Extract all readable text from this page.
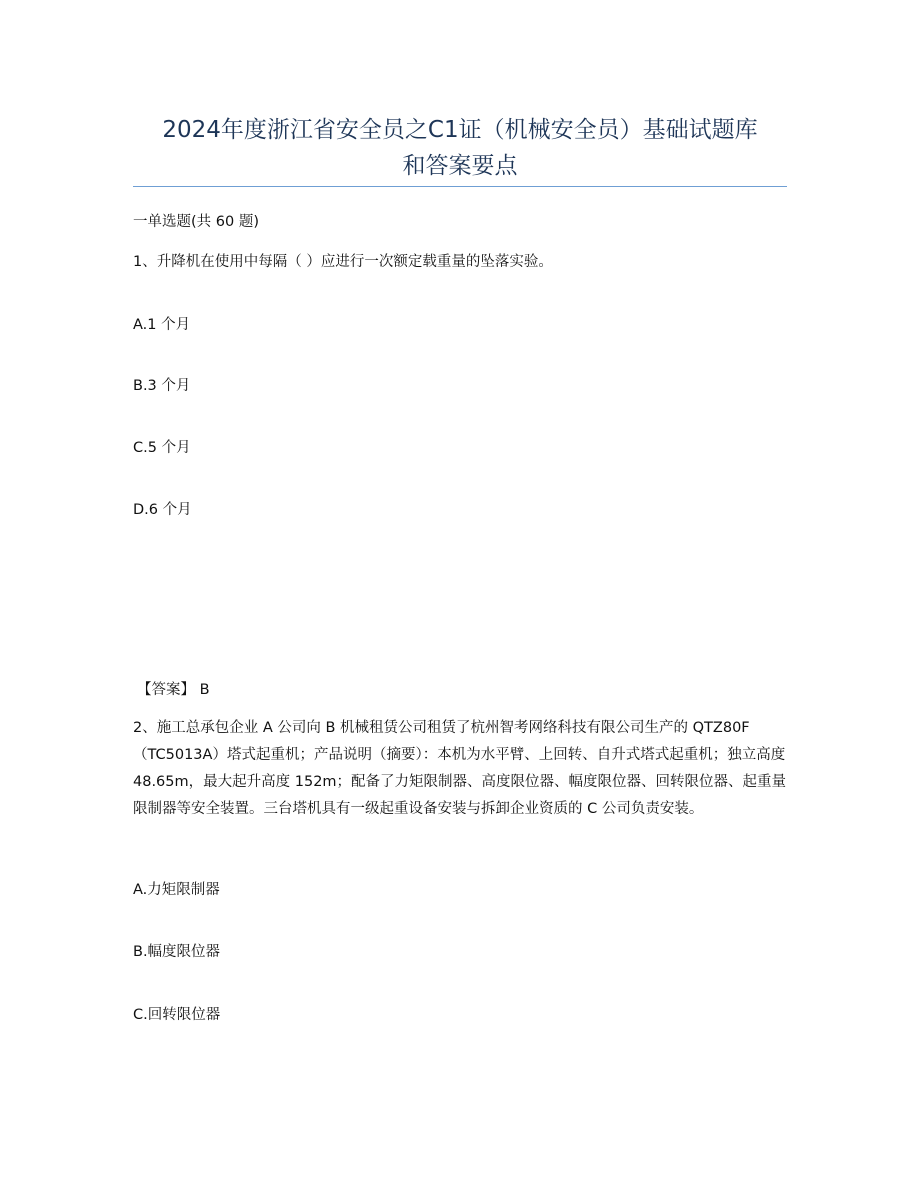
2024年度浙江省安全员之C1证（机械安全员）基础试题库
和答案要点
一单选题(共 60 题)
1、升降机在使用中每隔（ ）应进行一次额定载重量的坠落实验。
A.1 个月
B.3 个月
C.5 个月
D.6 个月
【答案】 B
2、施工总承包企业 A 公司向 B 机械租赁公司租赁了杭州智考网络科技有限公司生产的 QTZ80F（TC5013A）塔式起重机；产品说明（摘要）：本机为水平臂、上回转、自升式塔式起重机；独立高度 48.65m，最大起升高度 152m；配备了力矩限制器、高度限位器、幅度限位器、回转限位器、起重量限制器等安全装置。三台塔机具有一级起重设备安装与拆卸企业资质的 C 公司负责安装。
A.力矩限制器
B.幅度限位器
C.回转限位器
